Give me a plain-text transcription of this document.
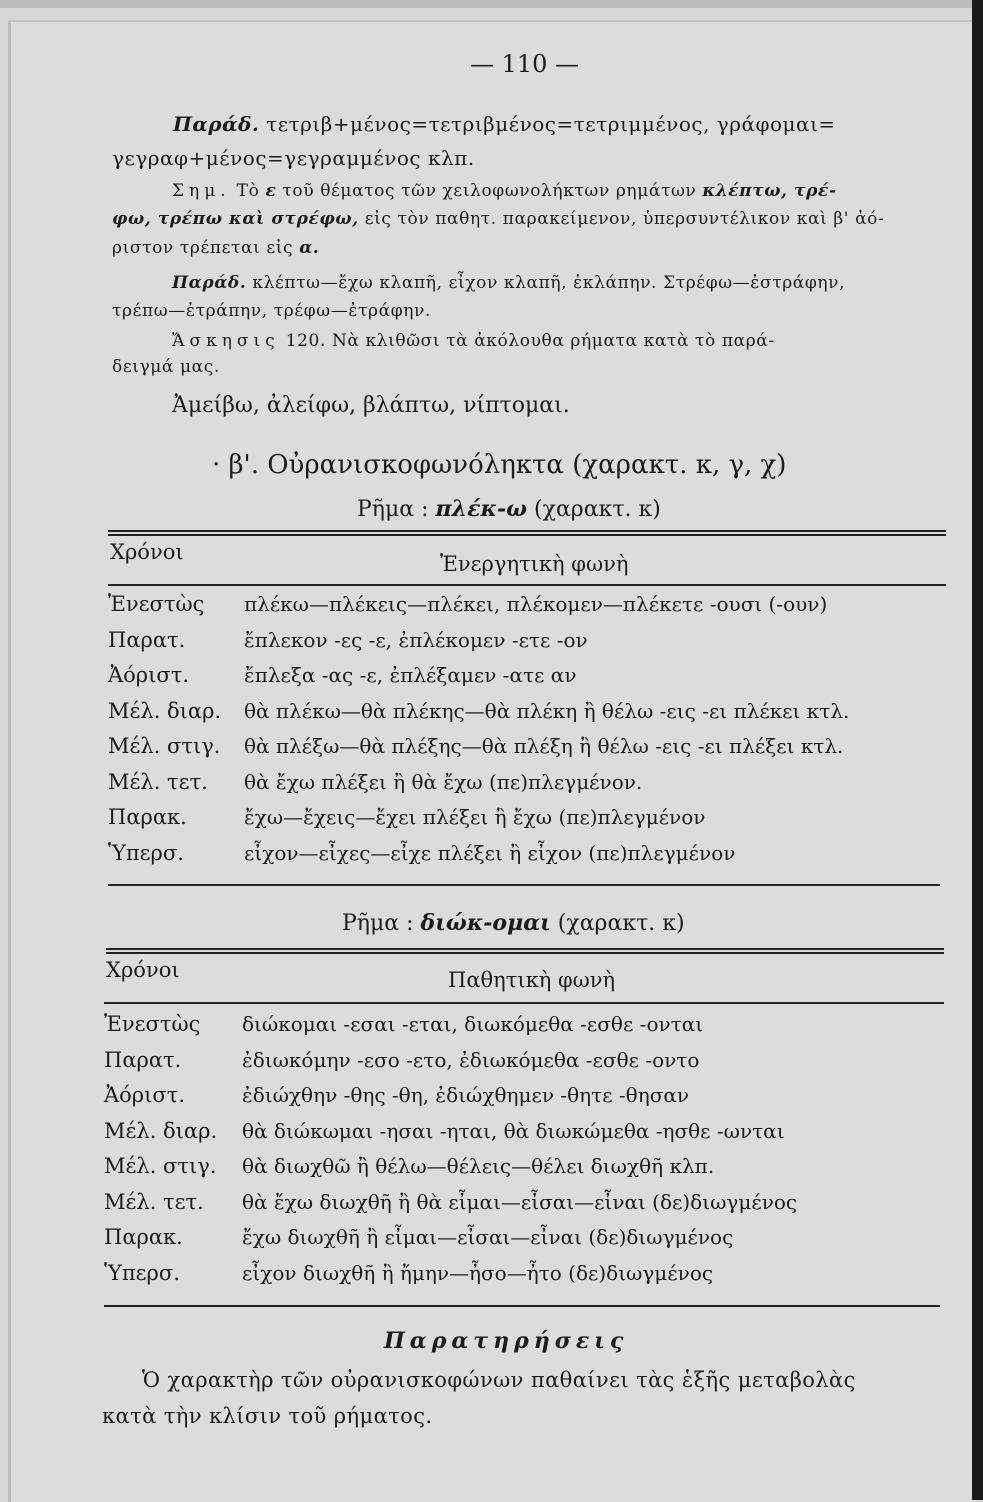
— 110 —
Παράδ. τετριβ+μένος=τετριβμένος=τετριμμένος, γράφομαι=
γεγραφ+μένος=γεγραμμένος κλπ.
Σημ. Τὸ ε τοῦ θέματος τῶν χειλοφωνολήκτων ρημάτων κλέπτω, τρέ-
φω, τρέπω καὶ στρέφω, εἰς τὸν παθητ. παρακείμενον, ὑπερσυντέλικον καὶ β' ἀό-
ριστον τρέπεται εἰς α.
Παράδ. κλέπτω—ἔχω κλαπῆ, εἶχον κλαπῆ, ἐκλάπην. Στρέφω—ἐστράφην,
τρέπω—ἐτράπην, τρέφω—ἐτράφην.
Ἄσκησις 120. Νὰ κλιθῶσι τὰ ἀκόλουθα ρήματα κατὰ τὸ παρά-
δειγμά μας.
Ἀμείβω, ἀλείφω, βλάπτω, νίπτομαι.
· β'. Οὐρανισκοφωνόληκτα (χαρακτ. κ, γ, χ)
Ρῆμα : πλέκ-ω (χαρακτ. κ)
Χρόνοι	Ἐνεργητικὴ φωνὴ
Ἐνεστὼς πλέκω—πλέκεις—πλέκει, πλέκομεν—πλέκετε -ουσι (-ουν)
Παρατ.	ἔπλεκον -ες -ε, ἐπλέκομεν -ετε -ον
Ἀόριστ.	ἔπλεξα -ας -ε, ἐπλέξαμεν -ατε αν
Μέλ. διαρ. θὰ πλέκω—θὰ πλέκης—θὰ πλέκη ἢ θέλω -εις -ει πλέκει κτλ.
Μέλ. στιγ. θὰ πλέξω—θὰ πλέξης—θὰ πλέξη ἢ θέλω -εις -ει πλέξει κτλ.
Μέλ. τετ. θὰ ἔχω πλέξει ἢ θὰ ἔχω (πε)πλεγμένον.
Παρακ.	ἔχω—ἔχεις—ἔχει πλέξει ἢ ἔχω (πε)πλεγμένον
Ὑπερσ.	εἶχον—εἶχες—εἶχε πλέξει ἢ εἶχον (πε)πλεγμένον
Ρῆμα : διώκ-ομαι (χαρακτ. κ)
Χρόνοι	Παθητικὴ φωνὴ
Ἐνεστὼς διώκομαι -εσαι -εται, διωκόμεθα -εσθε -ονται
Παρατ.	ἐδιωκόμην -εσο -ετο, ἐδιωκόμεθα -εσθε -οντο
Ἀόριστ.	ἐδιώχθην -θης -θη, ἐδιώχθημεν -θητε -θησαν
Μέλ. διαρ. θὰ διώκωμαι -ησαι -ηται, θὰ διωκώμεθα -ησθε -ωνται
Μέλ. στιγ. θὰ διωχθῶ ἢ θέλω—θέλεις—θέλει διωχθῆ κλπ.
Μέλ. τετ. θὰ ἔχω διωχθῆ ἢ θὰ εἶμαι—εἶσαι—εἶναι (δε)διωγμένος
Παρακ.	ἔχω διωχθῆ ἢ εἶμαι—εἶσαι—εἶναι (δε)διωγμένος
Ὑπερσ.	εἶχον διωχθῆ ἢ ἤμην—ἦσο—ἦτο (δε)διωγμένος
Παρατηρήσεις
Ὁ χαρακτὴρ τῶν οὐρανισκοφώνων παθαίνει τὰς ἑξῆς μεταβολὰς
κατὰ τὴν κλίσιν τοῦ ρήματος.
